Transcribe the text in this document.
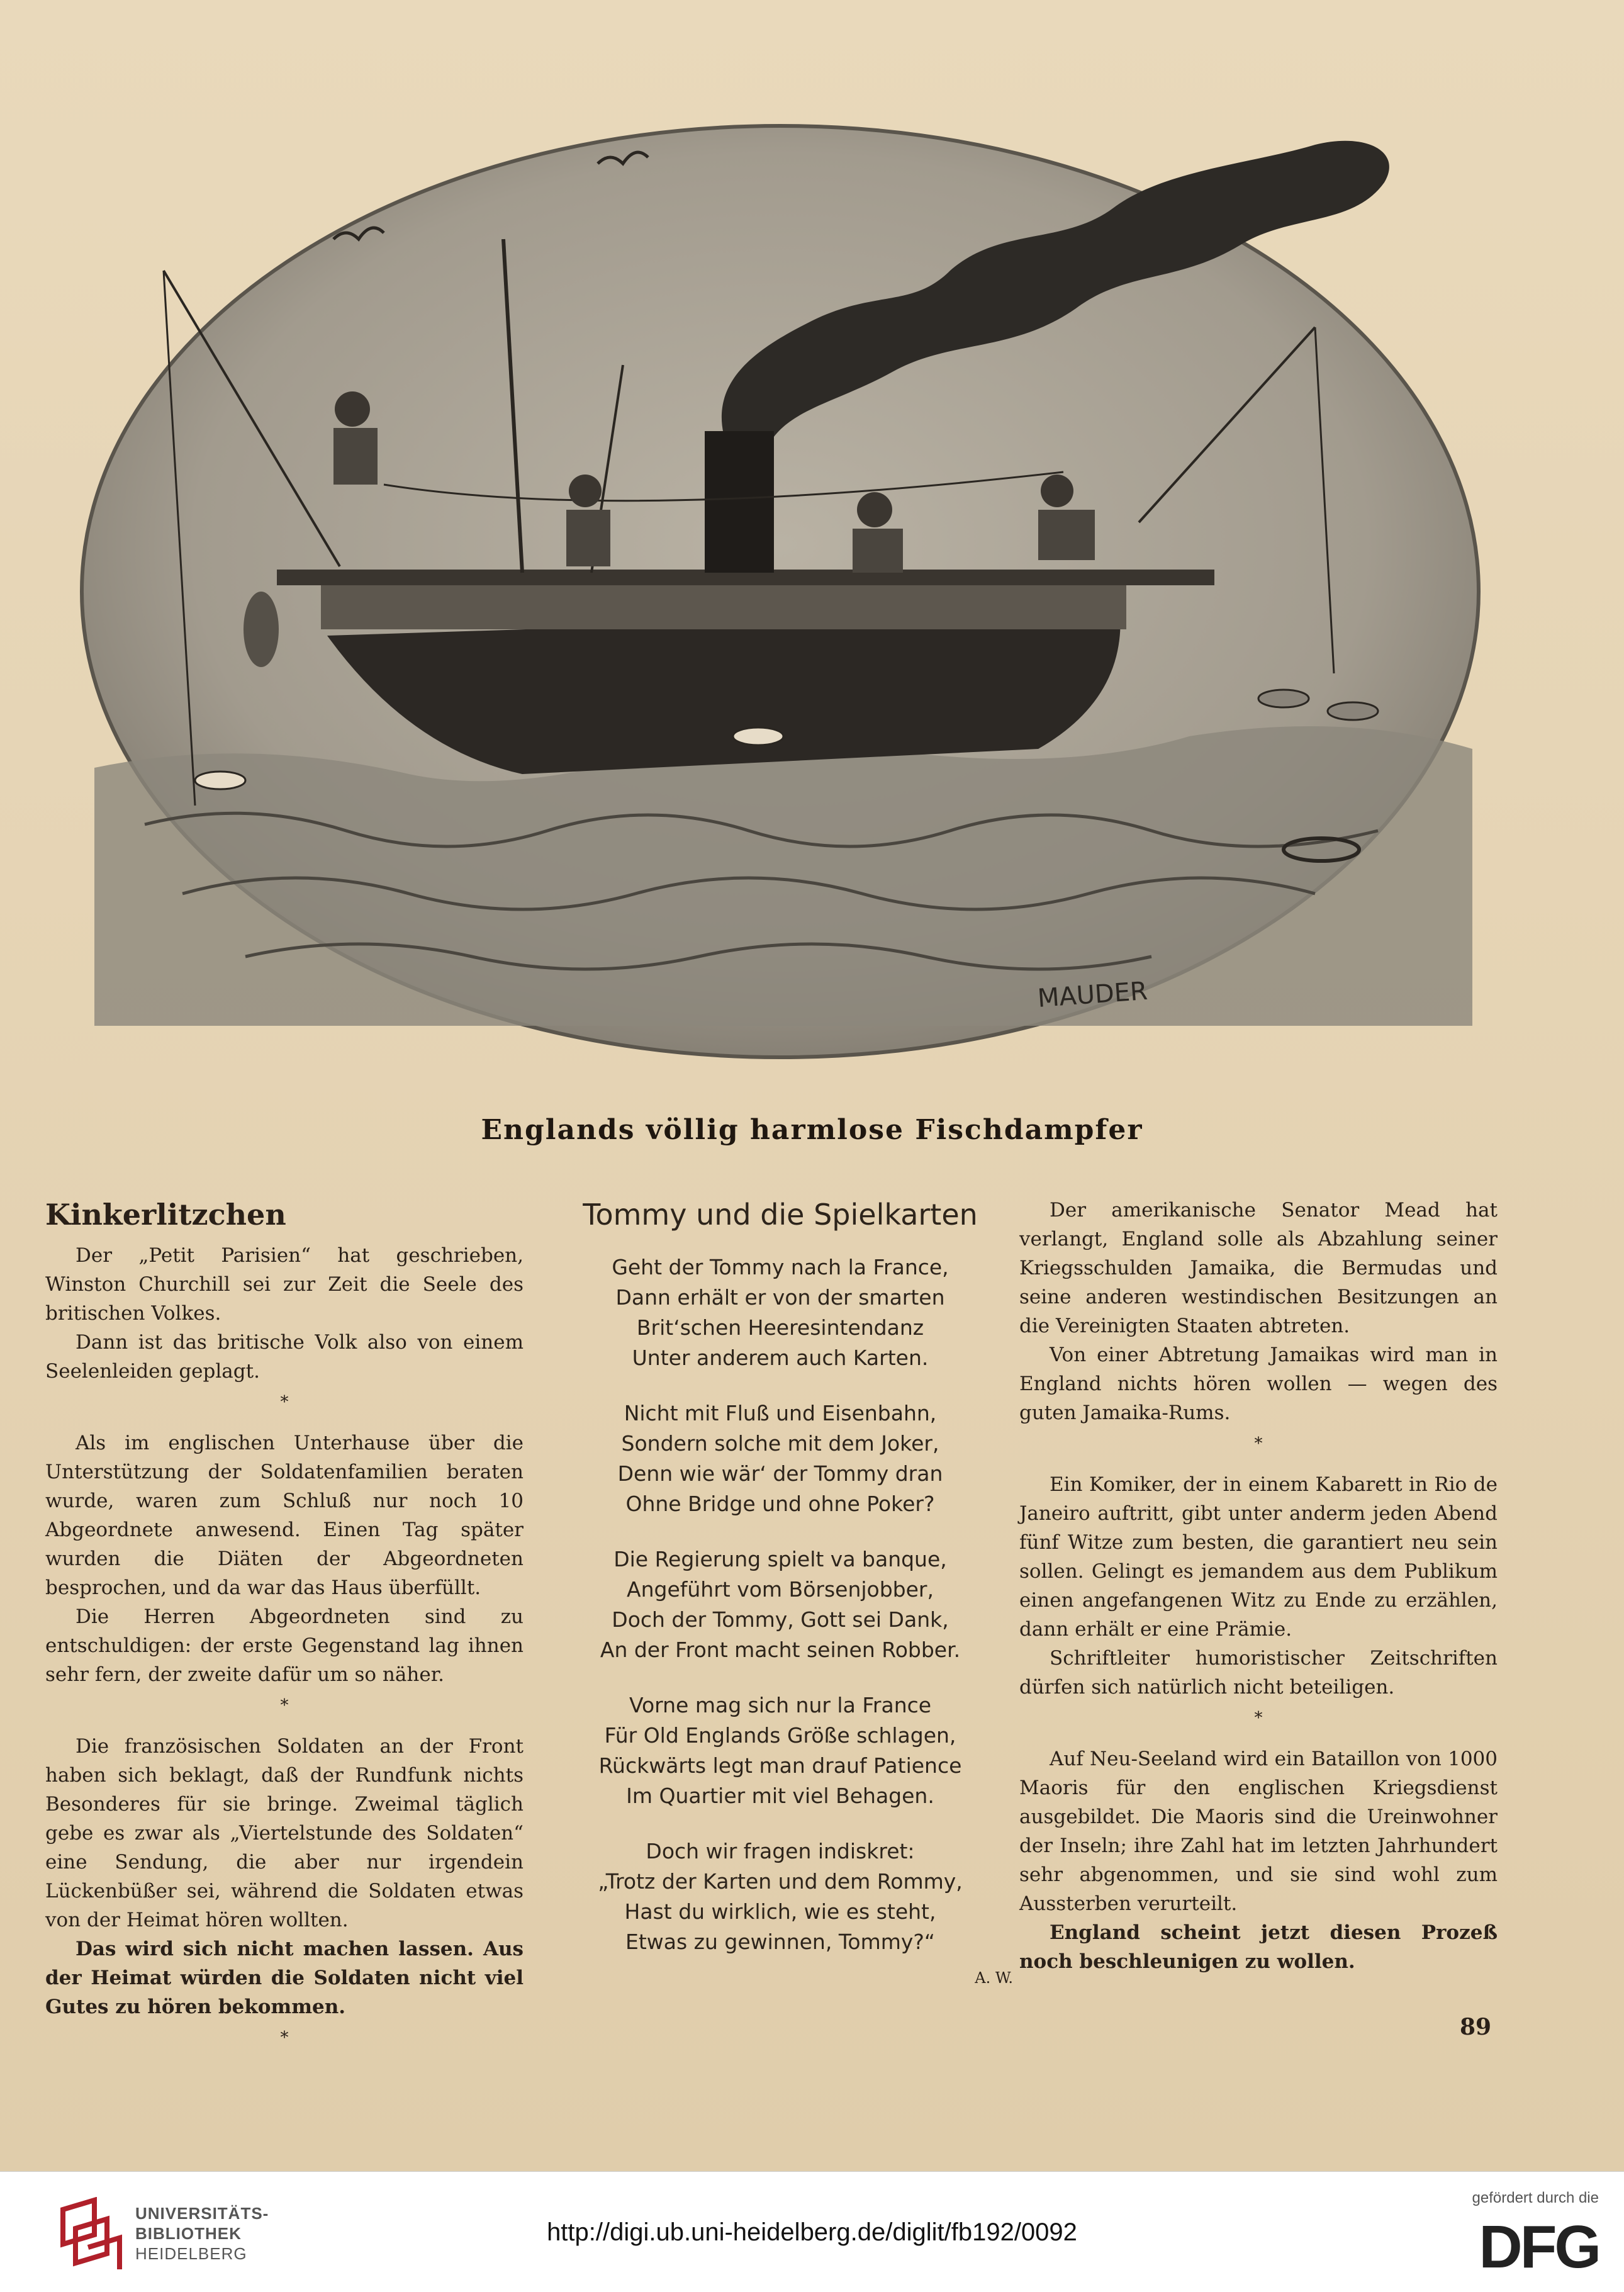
MAUDER
Englands völlig harmlose Fischdampfer
Kinkerlitzchen

Der „Petit Parisien“ hat geschrieben, Winston Churchill sei zur Zeit die Seele des britischen Volkes.

Dann ist das britische Volk also von einem Seelenleiden geplagt.

*

Als im englischen Unterhause über die Unterstützung der Soldatenfamilien beraten wurde, waren zum Schluß nur noch 10 Abgeordnete anwesend. Einen Tag später wurden die Diäten der Abgeordneten besprochen, und da war das Haus überfüllt.

Die Herren Abgeordneten sind zu entschuldigen: der erste Gegenstand lag ihnen sehr fern, der zweite dafür um so näher.

*

Die französischen Soldaten an der Front haben sich beklagt, daß der Rundfunk nichts Besonderes für sie bringe. Zweimal täglich gebe es zwar als „Viertelstunde des Soldaten“ eine Sendung, die aber nur irgendein Lückenbüßer sei, während die Soldaten etwas von der Heimat hören wollten.

Das wird sich nicht machen lassen. Aus der Heimat würden die Soldaten nicht viel Gutes zu hören bekommen.

*
Tommy und die Spielkarten
Geht der Tommy nach la France,
Dann erhält er von der smarten
Brit‘schen Heeresintendanz
Unter anderem auch Karten.
Nicht mit Fluß und Eisenbahn,
Sondern solche mit dem Joker,
Denn wie wär‘ der Tommy dran
Ohne Bridge und ohne Poker?
Die Regierung spielt va banque,
Angeführt vom Börsenjobber,
Doch der Tommy, Gott sei Dank,
An der Front macht seinen Robber.
Vorne mag sich nur la France
Für Old Englands Größe schlagen,
Rückwärts legt man drauf Patience
Im Quartier mit viel Behagen.
Doch wir fragen indiskret:
„Trotz der Karten und dem Rommy,
Hast du wirklich, wie es steht,
Etwas zu gewinnen, Tommy?“
A. W.

Der amerikanische Senator Mead hat verlangt, England solle als Abzahlung seiner Kriegsschulden Jamaika, die Bermudas und seine anderen westindischen Besitzungen an die Vereinigten Staaten abtreten.

Von einer Abtretung Jamaikas wird man in England nichts hören wollen — wegen des guten Jamaika-Rums.

*

Ein Komiker, der in einem Kabarett in Rio de Janeiro auftritt, gibt unter anderm jeden Abend fünf Witze zum besten, die garantiert neu sein sollen. Gelingt es jemandem aus dem Publikum einen angefangenen Witz zu Ende zu erzählen, dann erhält er eine Prämie.

Schriftleiter humoristischer Zeitschriften dürfen sich natürlich nicht beteiligen.

*

Auf Neu-Seeland wird ein Bataillon von 1000 Maoris für den englischen Kriegsdienst ausgebildet. Die Maoris sind die Ureinwohner der Inseln; ihre Zahl hat im letzten Jahrhundert sehr abgenommen, und sie sind wohl zum Aussterben verurteilt.

England scheint jetzt diesen Prozeß noch beschleunigen zu wollen.

89
UNIVERSITÄTS-
BIBLIOTHEK
HEIDELBERG
http://digi.ub.uni-heidelberg.de/diglit/fb192/0092
gefördert durch die
DFG
